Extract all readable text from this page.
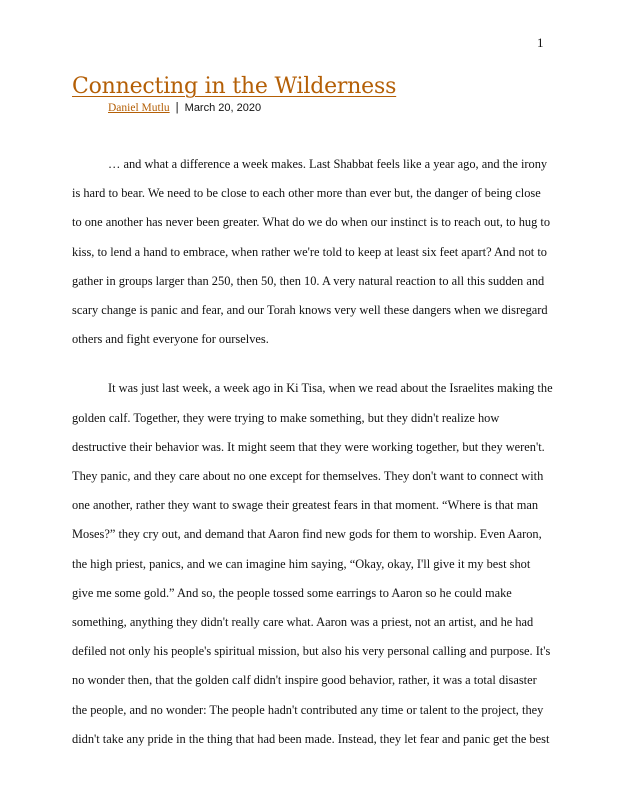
1
Connecting in the Wilderness
Daniel Mutlu | March 20, 2020

… and what a difference a week makes. Last Shabbat feels like a year ago, and the irony
is hard to bear. We need to be close to each other more than ever but, the danger of being close
to one another has never been greater. What do we do when our instinct is to reach out, to hug to
kiss, to lend a hand to embrace, when rather we're told to keep at least six feet apart? And not to
gather in groups larger than 250, then 50, then 10. A very natural reaction to all this sudden and
scary change is panic and fear, and our Torah knows very well these dangers when we disregard
others and fight everyone for ourselves.

It was just last week, a week ago in Ki Tisa, when we read about the Israelites making the
golden calf. Together, they were trying to make something, but they didn't realize how
destructive their behavior was. It might seem that they were working together, but they weren't.
They panic, and they care about no one except for themselves. They don't want to connect with
one another, rather they want to swage their greatest fears in that moment. “Where is that man
Moses?” they cry out, and demand that Aaron find new gods for them to worship. Even Aaron,
the high priest, panics, and we can imagine him saying, “Okay, okay, I'll give it my best shot
give me some gold.” And so, the people tossed some earrings to Aaron so he could make
something, anything they didn't really care what. Aaron was a priest, not an artist, and he had
defiled not only his people's spiritual mission, but also his very personal calling and purpose. It's
no wonder then, that the golden calf didn't inspire good behavior, rather, it was a total disaster
the people, and no wonder: The people hadn't contributed any time or talent to the project, they
didn't take any pride in the thing that had been made. Instead, they let fear and panic get the best
